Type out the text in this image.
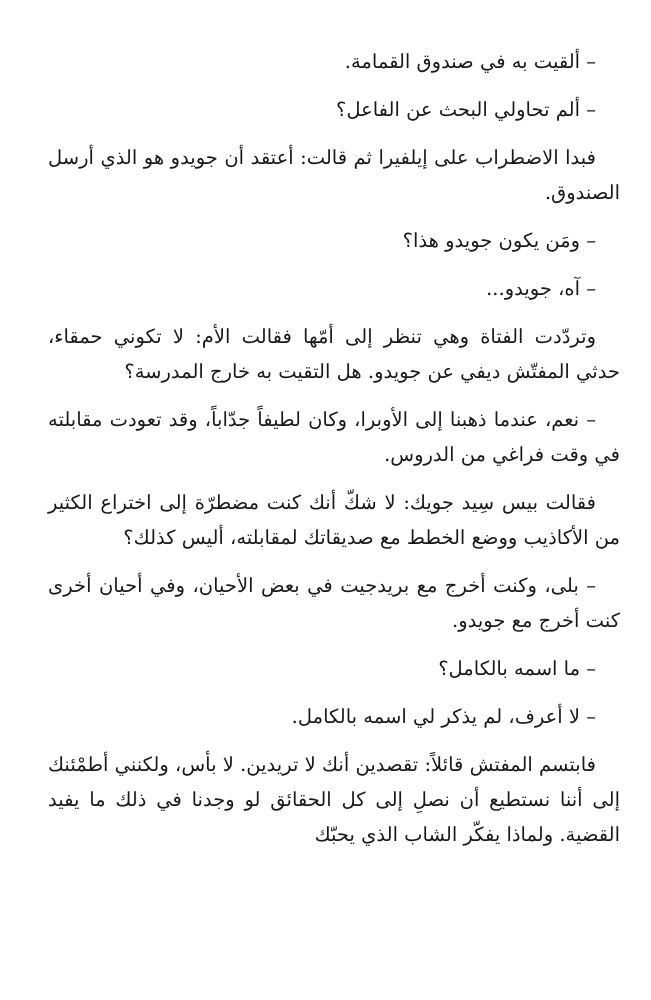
– ألقيت به في صندوق القمامة.

– ألم تحاولي البحث عن الفاعل؟

فبدا الاضطراب على إيلفيرا ثم قالت: أعتقد أن جويدو هو الذي أرسل الصندوق.

– ومَن يكون جويدو هذا؟

– آه، جويدو...

وتردّدت الفتاة وهي تنظر إلى أمّها فقالت الأم: لا تكوني حمقاء، حدثي المفتّش ديفي عن جويدو. هل التقيت به خارج المدرسة؟

– نعم، عندما ذهبنا إلى الأوبرا، وكان لطيفاً جدّاباً، وقد تعودت مقابلته في وقت فراغي من الدروس.

فقالت بيس سِيد جويك: لا شكّ أنك كنت مضطرّة إلى اختراع الكثير من الأكاذيب ووضع الخطط مع صديقاتك لمقابلته، أليس كذلك؟

– بلى، وكنت أخرج مع بريدجيت في بعض الأحيان، وفي أحيان أخرى كنت أخرج مع جويدو.

– ما اسمه بالكامل؟

– لا أعرف، لم يذكر لي اسمه بالكامل.

فابتسم المفتش قائلاً: تقصدين أنك لا تريدين. لا بأس، ولكنني أطمْئنك إلى أننا نستطيع أن نصلِ إلى كل الحقائق لو وجدنا في ذلك ما يفيد القضية. ولماذا يفكّر الشاب الذي يحبّك
